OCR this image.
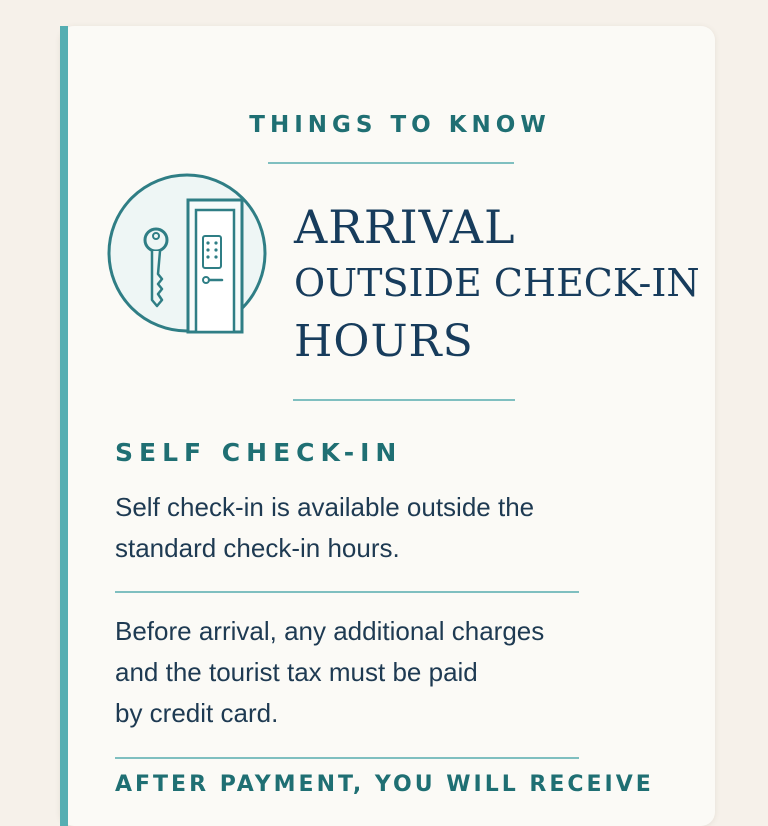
THINGS TO KNOW
ARRIVAL
OUTSIDE CHECK-IN
HOURS
SELF CHECK-IN
Self check-in is available outside the
standard check-in hours.
Before arrival, any additional charges
and the tourist tax must be paid
by credit card.
AFTER PAYMENT, YOU WILL RECEIVE
